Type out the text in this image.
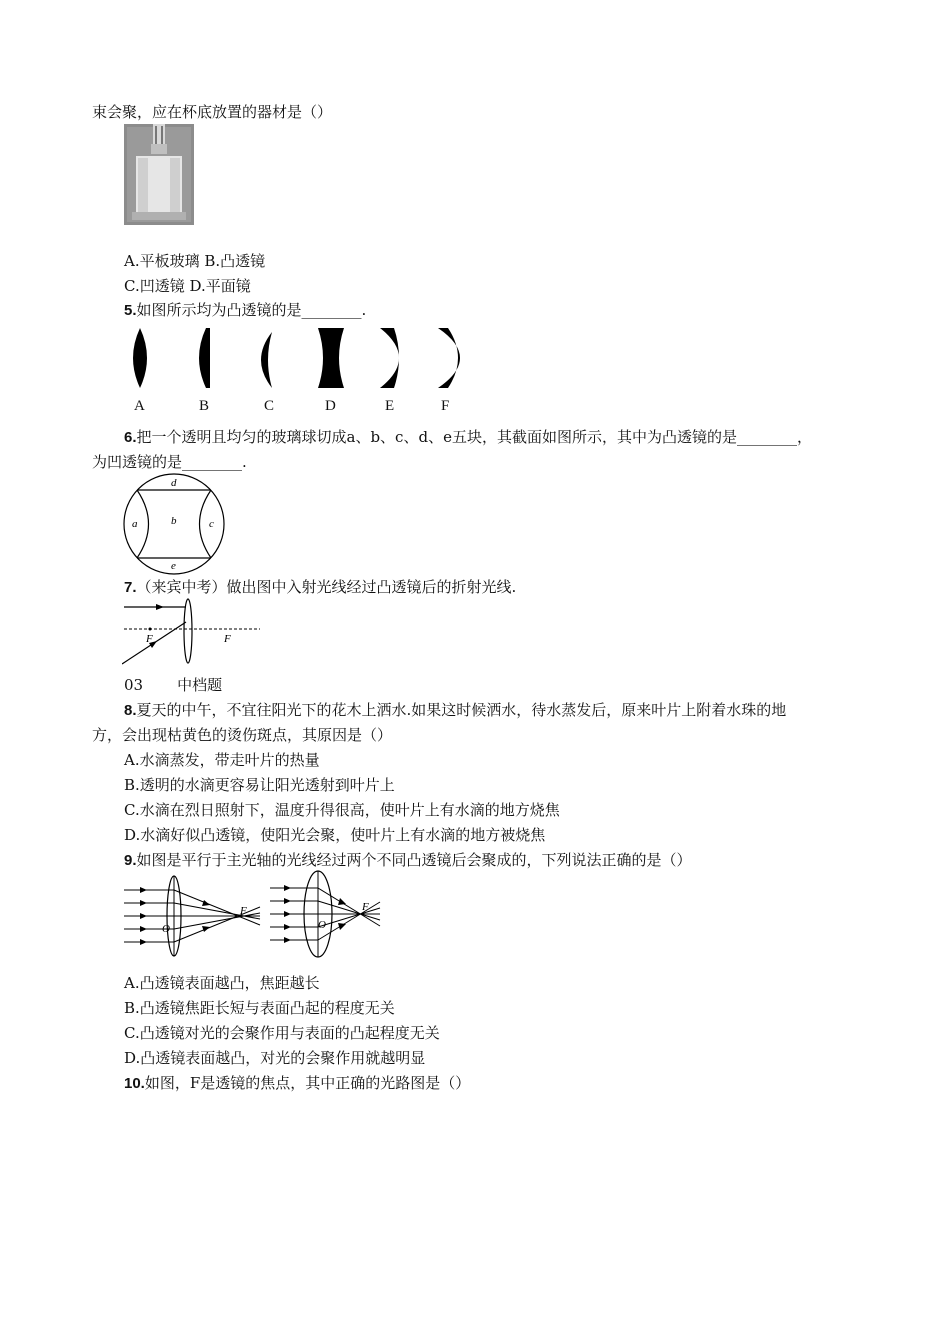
束会聚，应在杯底放置的器材是（）
A.平板玻璃 B.凸透镜
C.凹透镜 D.平面镜
5.如图所示均为凸透镜的是________.
A	B	C	D	E	F
6.把一个透明且均匀的玻璃球切成a、b、c、d、e五块，其截面如图所示，其中为凸透镜的是________，
为凹透镜的是________.
d
a	b	c
e
7.（来宾中考）做出图中入射光线经过凸透镜后的折射光线.
F	F
03 中档题
8.夏天的中午，不宜往阳光下的花木上洒水.如果这时候洒水，待水蒸发后，原来叶片上附着水珠的地
方，会出现枯黄色的烫伤斑点，其原因是（）
A.水滴蒸发，带走叶片的热量
B.透明的水滴更容易让阳光透射到叶片上
C.水滴在烈日照射下，温度升得很高，使叶片上有水滴的地方烧焦
D.水滴好似凸透镜，使阳光会聚，使叶片上有水滴的地方被烧焦
9.如图是平行于主光轴的光线经过两个不同凸透镜后会聚成的，下列说法正确的是（）
O
F
O
F
A.凸透镜表面越凸，焦距越长
B.凸透镜焦距长短与表面凸起的程度无关
C.凸透镜对光的会聚作用与表面的凸起程度无关
D.凸透镜表面越凸，对光的会聚作用就越明显
10.如图，F是透镜的焦点，其中正确的光路图是（）
